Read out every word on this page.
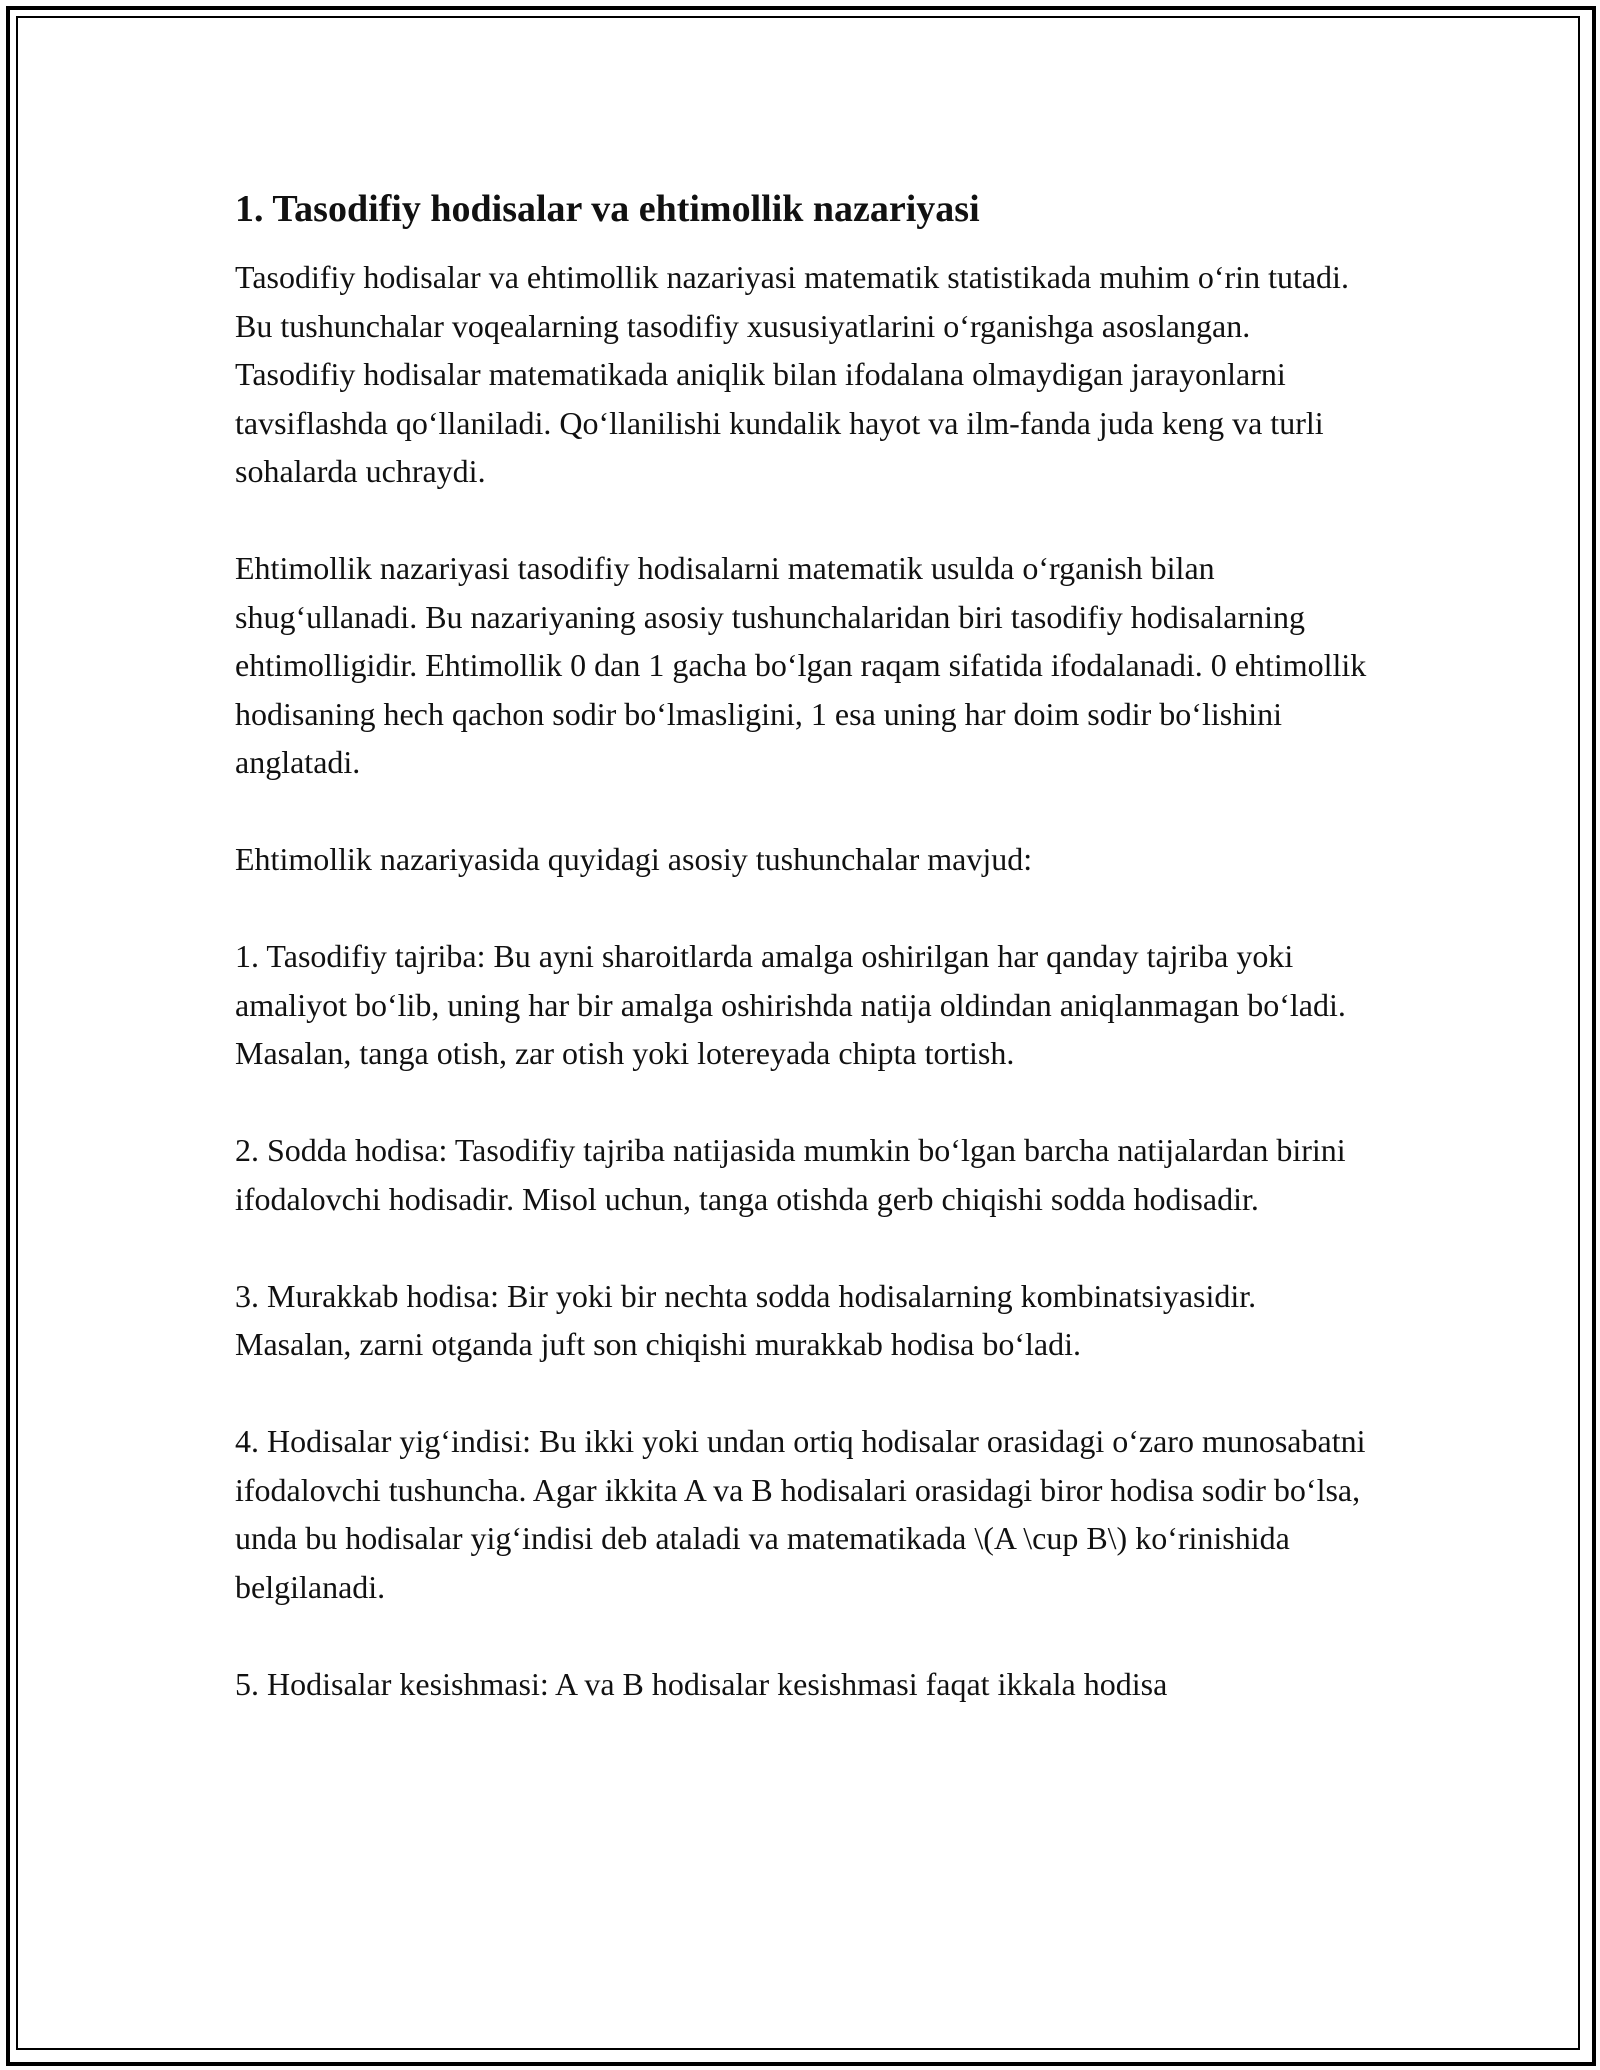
1. Tasodifiy hodisalar va ehtimollik nazariyasi

Tasodifiy hodisalar va ehtimollik nazariyasi matematik statistikada muhim o‘rin tutadi. Bu tushunchalar voqealarning tasodifiy xususiyatlarini o‘rganishga asoslangan. Tasodifiy hodisalar matematikada aniqlik bilan ifodalana olmaydigan jarayonlarni tavsiflashda qo‘llaniladi. Qo‘llanilishi kundalik hayot va ilm-fanda juda keng va turli sohalarda uchraydi.

Ehtimollik nazariyasi tasodifiy hodisalarni matematik usulda o‘rganish bilan shug‘ullanadi. Bu nazariyaning asosiy tushunchalaridan biri tasodifiy hodisalarning ehtimolligidir. Ehtimollik 0 dan 1 gacha bo‘lgan raqam sifatida ifodalanadi. 0 ehtimollik hodisaning hech qachon sodir bo‘lmasligini, 1 esa uning har doim sodir bo‘lishini anglatadi.

Ehtimollik nazariyasida quyidagi asosiy tushunchalar mavjud:

1. Tasodifiy tajriba: Bu ayni sharoitlarda amalga oshirilgan har qanday tajriba yoki amaliyot bo‘lib, uning har bir amalga oshirishda natija oldindan aniqlanmagan bo‘ladi. Masalan, tanga otish, zar otish yoki lotereyada chipta tortish.

2. Sodda hodisa: Tasodifiy tajriba natijasida mumkin bo‘lgan barcha natijalardan birini ifodalovchi hodisadir. Misol uchun, tanga otishda gerb chiqishi sodda hodisadir.

3. Murakkab hodisa: Bir yoki bir nechta sodda hodisalarning kombinatsiyasidir. Masalan, zarni otganda juft son chiqishi murakkab hodisa bo‘ladi.

4. Hodisalar yig‘indisi: Bu ikki yoki undan ortiq hodisalar orasidagi o‘zaro munosabatni ifodalovchi tushuncha. Agar ikkita A va B hodisalari orasidagi biror hodisa sodir bo‘lsa, unda bu hodisalar yig‘indisi deb ataladi va matematikada \(A \cup B\) ko‘rinishida belgilanadi.

5. Hodisalar kesishmasi: A va B hodisalar kesishmasi faqat ikkala hodisa
